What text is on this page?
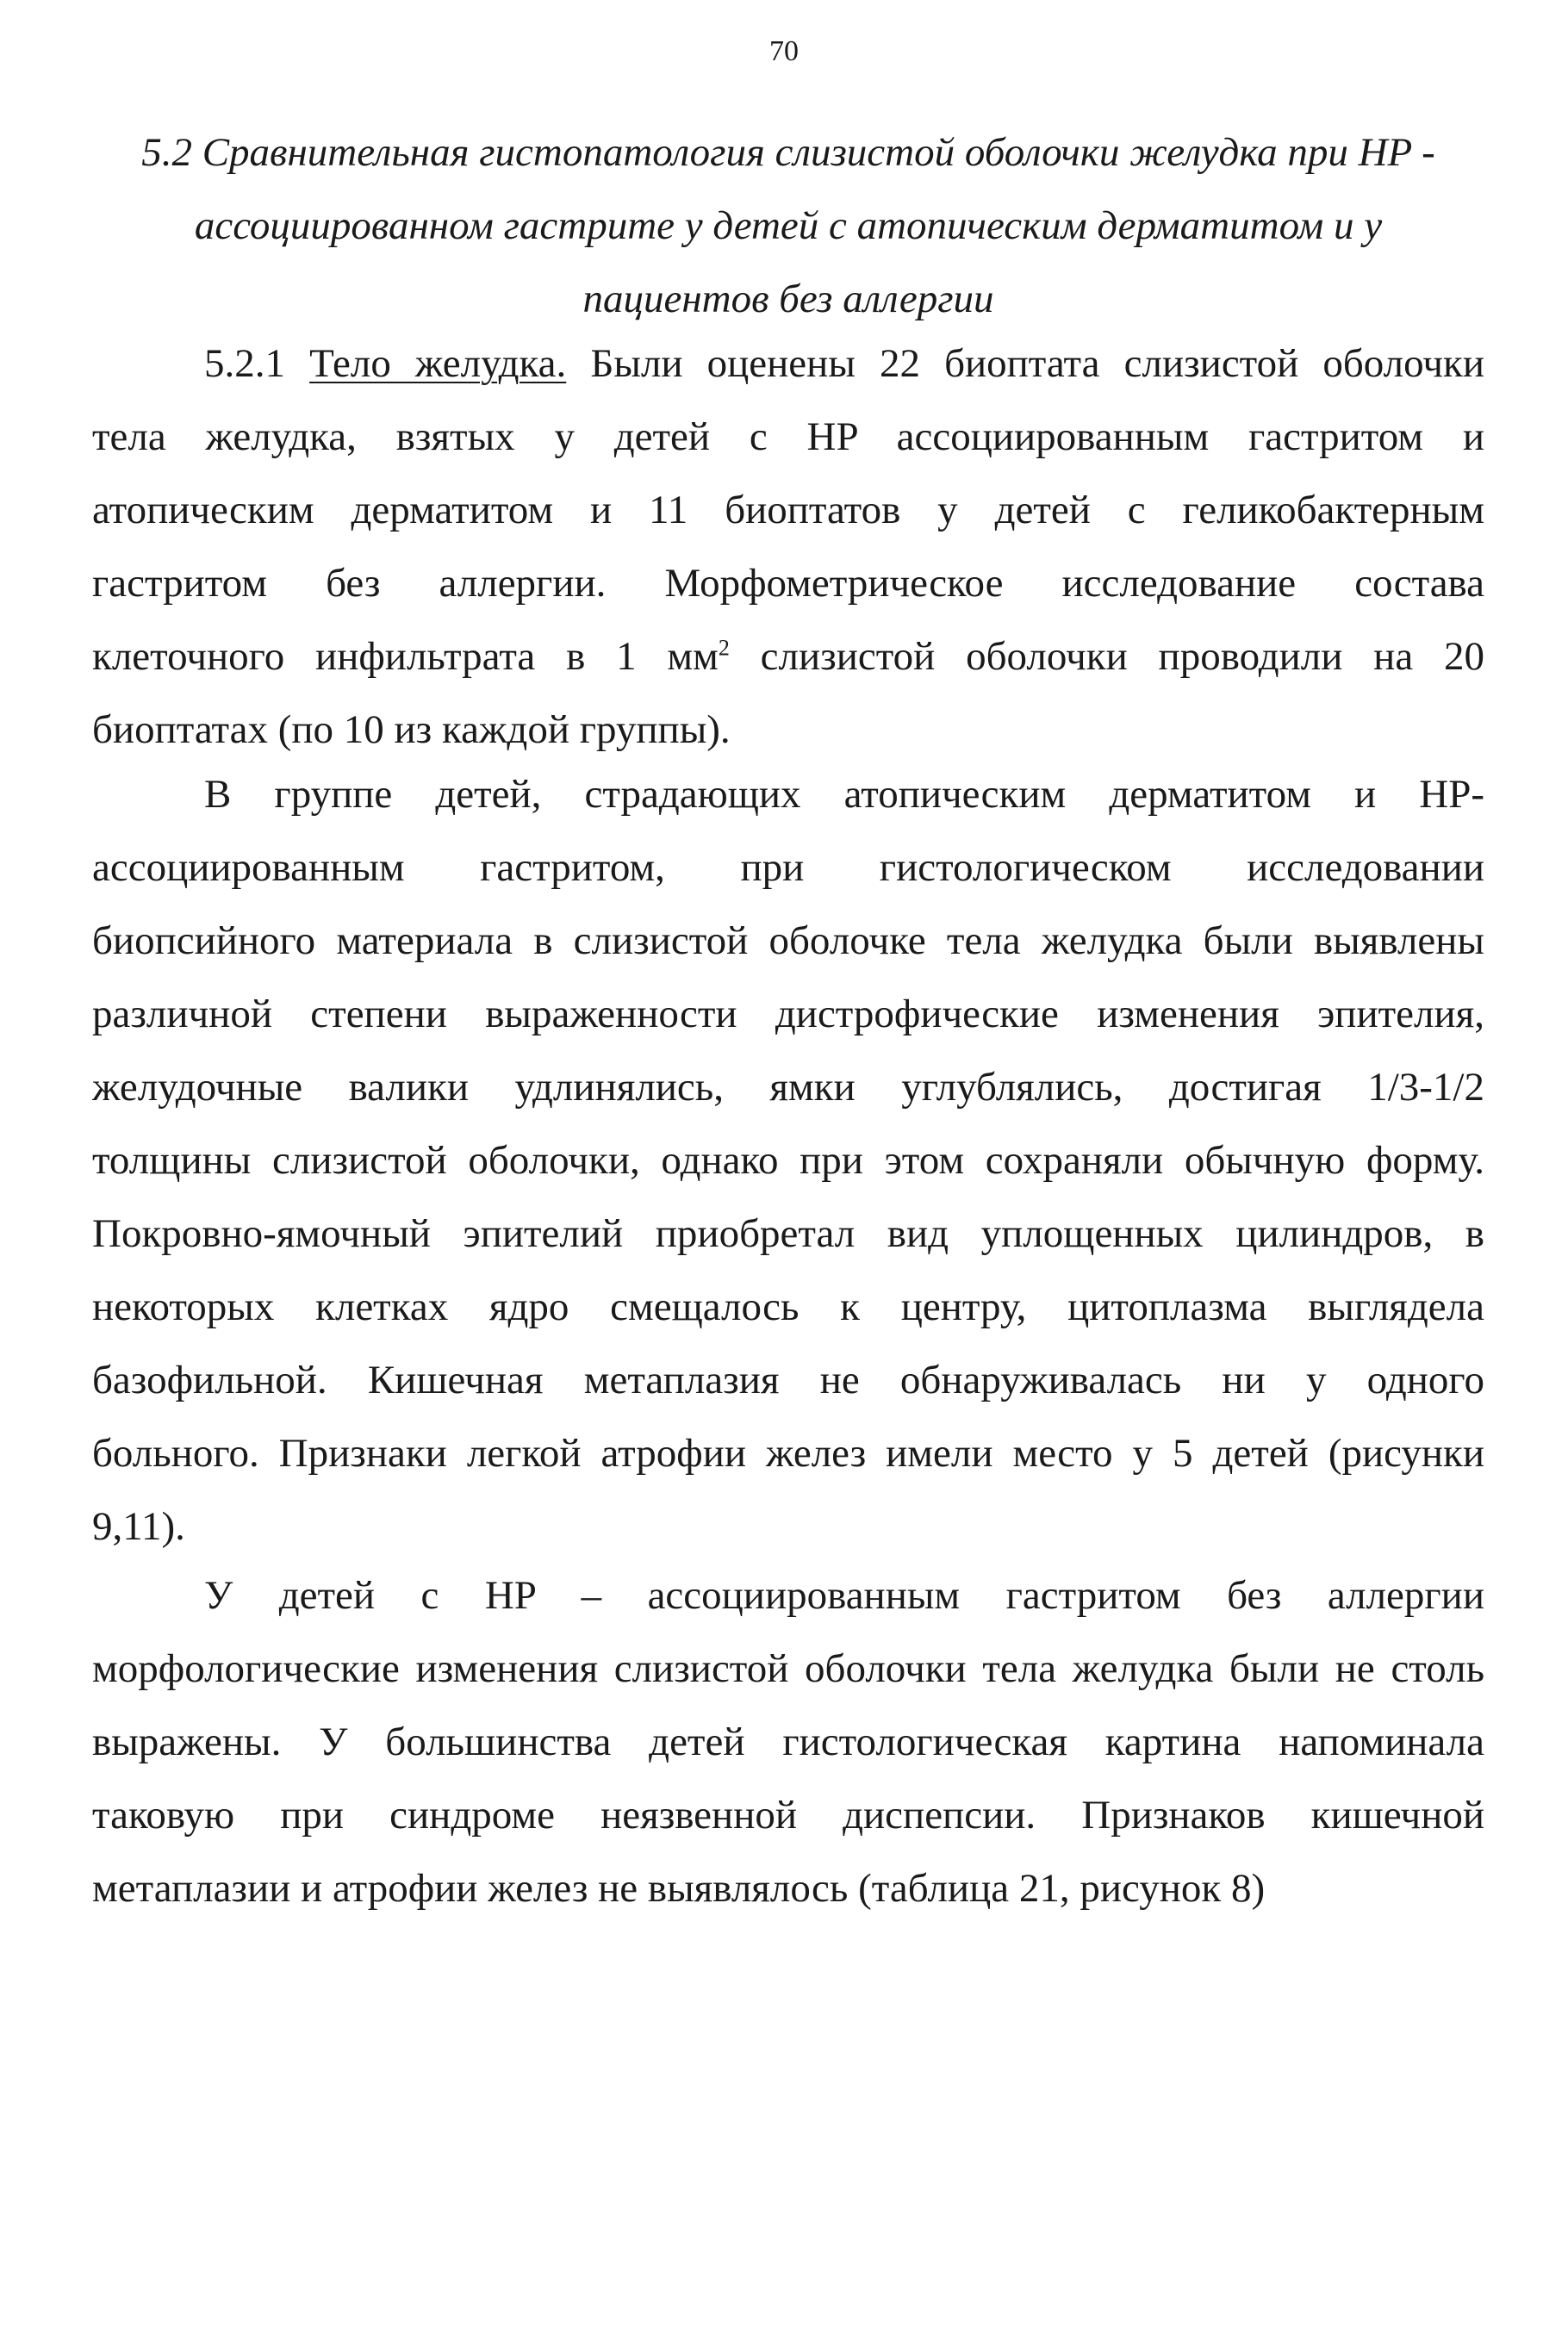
70
5.2 Сравнительная гистопатология слизистой оболочки желудка при HP -
ассоциированном гастрите у детей с атопическим дерматитом и у
пациентов без аллергии
5.2.1 Тело желудка. Были оценены 22 биоптата слизистой оболочки
тела желудка, взятых у детей с HP ассоциированным гастритом и
атопическим дерматитом и 11 биоптатов у детей с геликобактерным
гастритом без аллергии. Морфометрическое исследование состава
клеточного инфильтрата в 1 $мм^2$ слизистой оболочки проводили на 20
биоптатах (по 10 из каждой группы).
В группе детей, страдающих атопическим дерматитом и HP-
ассоциированным гастритом, при гистологическом исследовании
биопсийного материала в слизистой оболочке тела желудка были выявлены
различной степени выраженности дистрофические изменения эпителия,
желудочные валики удлинялись, ямки углублялись, достигая 1/3-1/2
толщины слизистой оболочки, однако при этом сохраняли обычную форму.
Покровно-ямочный эпителий приобретал вид уплощенных цилиндров, в
некоторых клетках ядро смещалось к центру, цитоплазма выглядела
базофильной. Кишечная метаплазия не обнаруживалась ни у одного
больного. Признаки легкой атрофии желез имели место у 5 детей (рисунки
9,11).
У детей с HP – ассоциированным гастритом без аллергии
морфологические изменения слизистой оболочки тела желудка были не столь
выражены. У большинства детей гистологическая картина напоминала
таковую при синдроме неязвенной диспепсии. Признаков кишечной
метаплазии и атрофии желез не выявлялось (таблица 21, рисунок 8)
